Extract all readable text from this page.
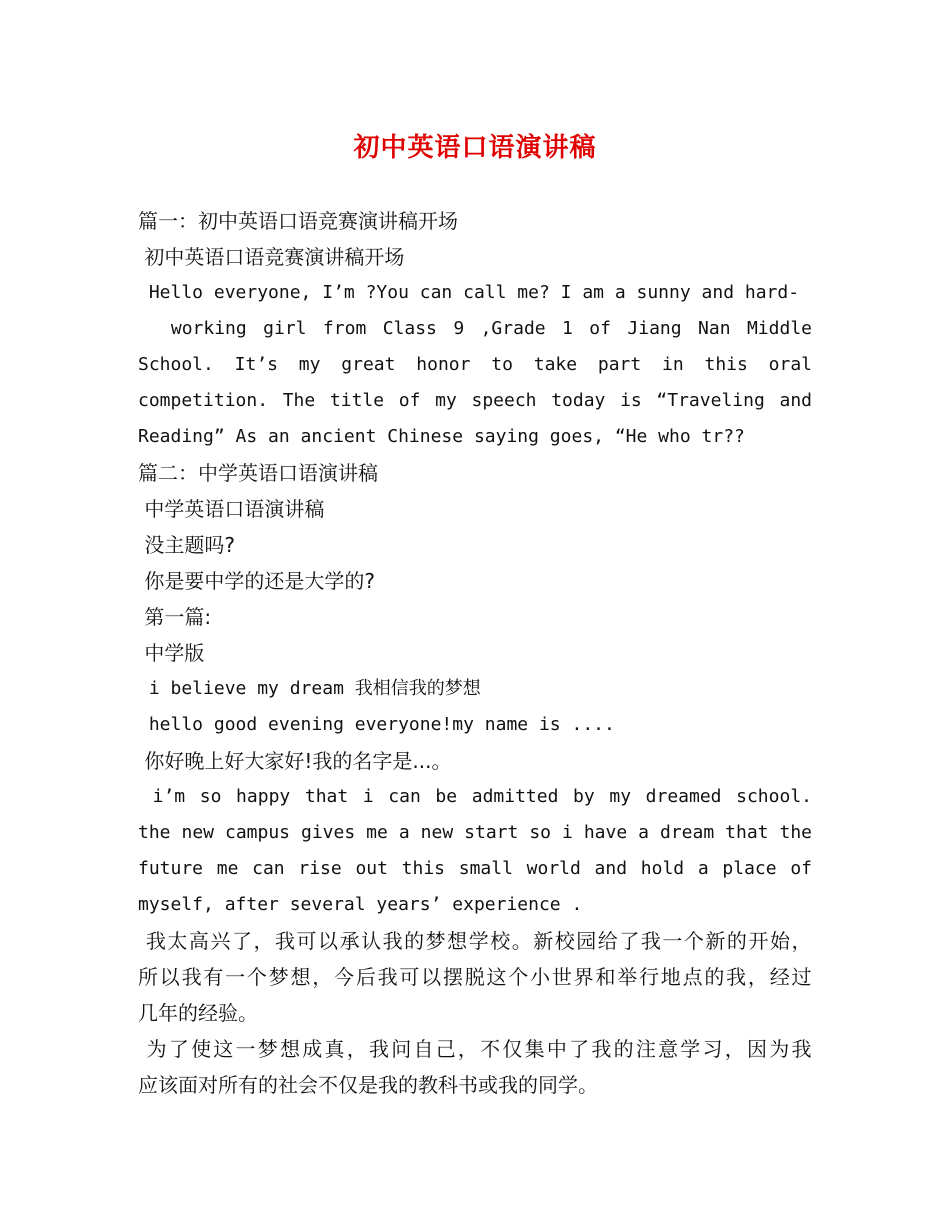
初中英语口语演讲稿
篇一：初中英语口语竞赛演讲稿开场
初中英语口语竞赛演讲稿开场
Hello everyone, I’m ?You can call me? I am a sunny and hard-
working girl from Class 9 ,Grade 1 of Jiang Nan Middle
School. It’s my great honor to take part in this oral
competition. The title of my speech today is “Traveling and
Reading” As an ancient Chinese saying goes, “He who tr??
篇二：中学英语口语演讲稿
中学英语口语演讲稿
没主题吗?
你是要中学的还是大学的?
第一篇:
中学版
i believe my dream 我相信我的梦想
hello good evening everyone!my name is ....
你好晚上好大家好!我的名字是...。
i’m so happy that i can be admitted by my dreamed school.
the new campus gives me a new start so i have a dream that the
future me can rise out this small world and hold a place of
myself, after several years’ experience .
我太高兴了，我可以承认我的梦想学校。新校园给了我一个新的开始，
所以我有一个梦想，今后我可以摆脱这个小世界和举行地点的我，经过
几年的经验。
为了使这一梦想成真，我问自己，不仅集中了我的注意学习，因为我
应该面对所有的社会不仅是我的教科书或我的同学。
